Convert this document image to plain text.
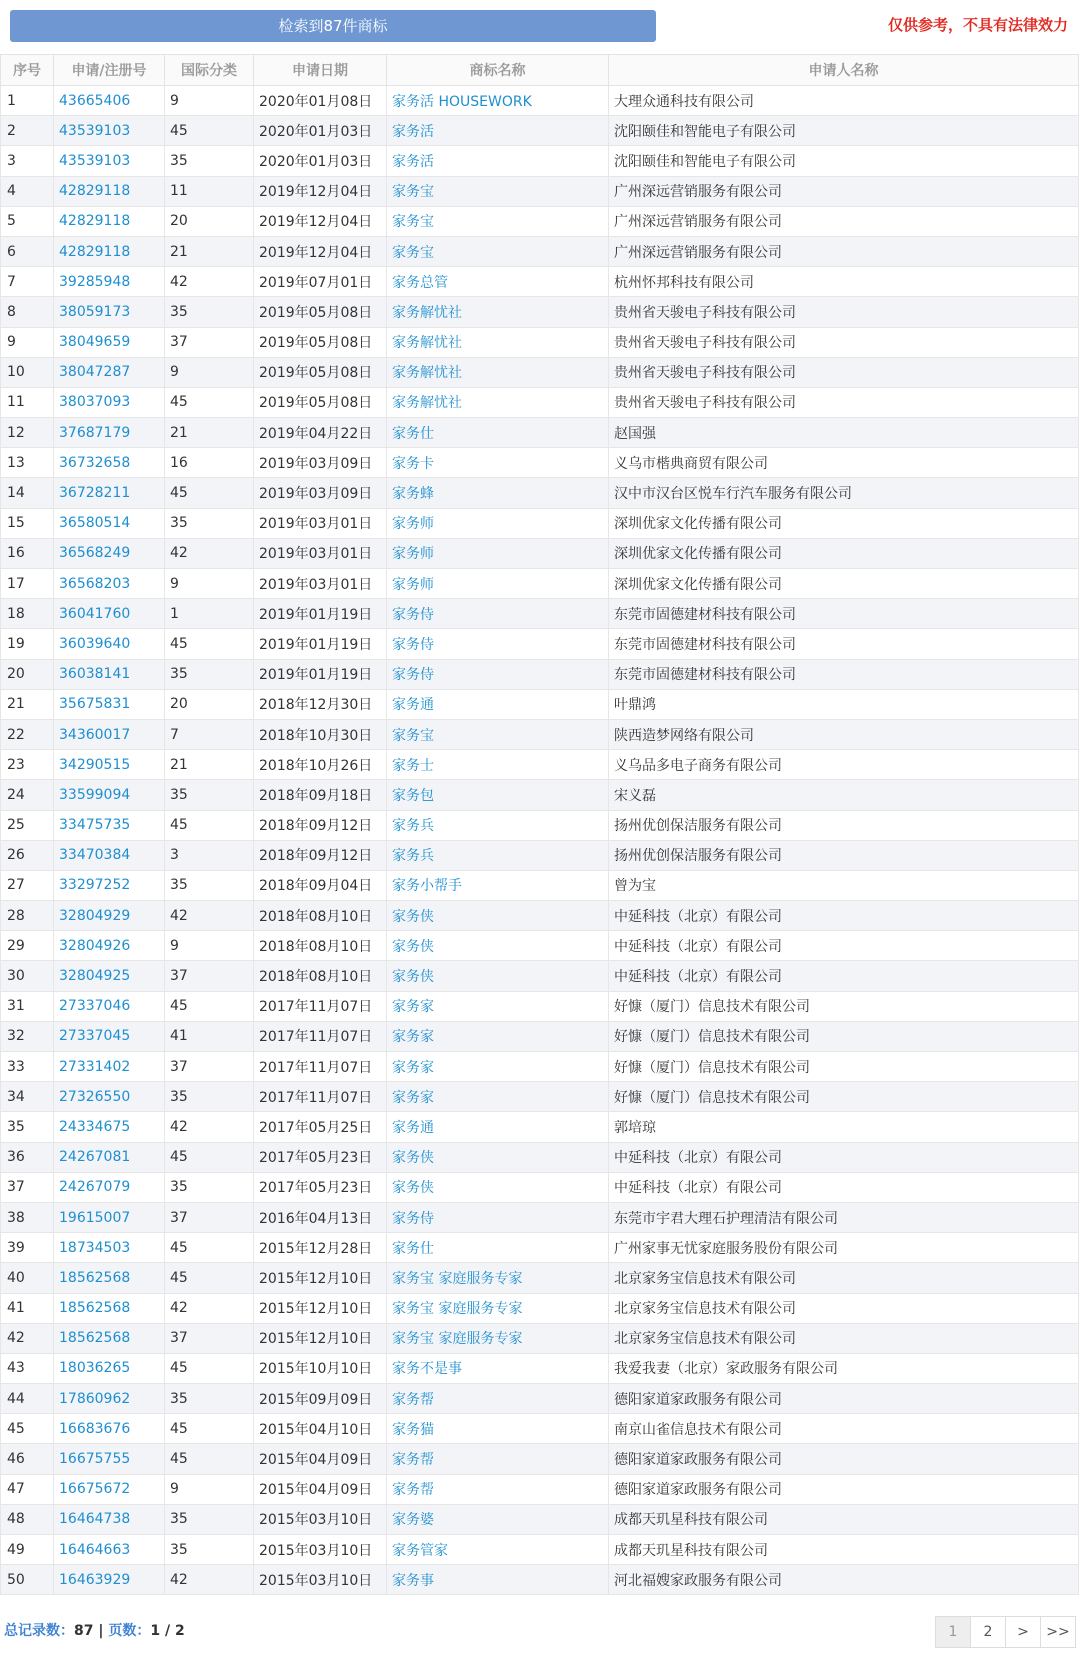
检索到87件商标	仅供参考，不具有法律效力
序号	申请/注册号	国际分类	申请日期	商标名称	申请人名称
1	43665406	9	2020年01月08日	家务活 HOUSEWORK	大理众通科技有限公司
2	43539103	45	2020年01月03日	家务活	沈阳颐佳和智能电子有限公司
3	43539103	35	2020年01月03日	家务活	沈阳颐佳和智能电子有限公司
4	42829118	11	2019年12月04日	家务宝	广州深远营销服务有限公司
5	42829118	20	2019年12月04日	家务宝	广州深远营销服务有限公司
6	42829118	21	2019年12月04日	家务宝	广州深远营销服务有限公司
7	39285948	42	2019年07月01日	家务总管	杭州怀邦科技有限公司
8	38059173	35	2019年05月08日	家务解忧社	贵州省天骏电子科技有限公司
9	38049659	37	2019年05月08日	家务解忧社	贵州省天骏电子科技有限公司
10	38047287	9	2019年05月08日	家务解忧社	贵州省天骏电子科技有限公司
11	38037093	45	2019年05月08日	家务解忧社	贵州省天骏电子科技有限公司
12	37687179	21	2019年04月22日	家务仕	赵国强
13	36732658	16	2019年03月09日	家务卡	义乌市楷典商贸有限公司
14	36728211	45	2019年03月09日	家务蜂	汉中市汉台区悦车行汽车服务有限公司
15	36580514	35	2019年03月01日	家务师	深圳优家文化传播有限公司
16	36568249	42	2019年03月01日	家务师	深圳优家文化传播有限公司
17	36568203	9	2019年03月01日	家务师	深圳优家文化传播有限公司
18	36041760	1	2019年01月19日	家务侍	东莞市固德建材科技有限公司
19	36039640	45	2019年01月19日	家务侍	东莞市固德建材科技有限公司
20	36038141	35	2019年01月19日	家务侍	东莞市固德建材科技有限公司
21	35675831	20	2018年12月30日	家务通	叶鼎鸿
22	34360017	7	2018年10月30日	家务宝	陕西造梦网络有限公司
23	34290515	21	2018年10月26日	家务士	义乌品多电子商务有限公司
24	33599094	35	2018年09月18日	家务包	宋义磊
25	33475735	45	2018年09月12日	家务兵	扬州优创保洁服务有限公司
26	33470384	3	2018年09月12日	家务兵	扬州优创保洁服务有限公司
27	33297252	35	2018年09月04日	家务小帮手	曾为宝
28	32804929	42	2018年08月10日	家务侠	中延科技（北京）有限公司
29	32804926	9	2018年08月10日	家务侠	中延科技（北京）有限公司
30	32804925	37	2018年08月10日	家务侠	中延科技（北京）有限公司
31	27337046	45	2017年11月07日	家务家	好慷（厦门）信息技术有限公司
32	27337045	41	2017年11月07日	家务家	好慷（厦门）信息技术有限公司
33	27331402	37	2017年11月07日	家务家	好慷（厦门）信息技术有限公司
34	27326550	35	2017年11月07日	家务家	好慷（厦门）信息技术有限公司
35	24334675	42	2017年05月25日	家务通	郭培琼
36	24267081	45	2017年05月23日	家务侠	中延科技（北京）有限公司
37	24267079	35	2017年05月23日	家务侠	中延科技（北京）有限公司
38	19615007	37	2016年04月13日	家务侍	东莞市宇君大理石护理清洁有限公司
39	18734503	45	2015年12月28日	家务仕	广州家事无忧家庭服务股份有限公司
40	18562568	45	2015年12月10日	家务宝 家庭服务专家	北京家务宝信息技术有限公司
41	18562568	42	2015年12月10日	家务宝 家庭服务专家	北京家务宝信息技术有限公司
42	18562568	37	2015年12月10日	家务宝 家庭服务专家	北京家务宝信息技术有限公司
43	18036265	45	2015年10月10日	家务不是事	我爱我妻（北京）家政服务有限公司
44	17860962	35	2015年09月09日	家务帮	德阳家道家政服务有限公司
45	16683676	45	2015年04月10日	家务猫	南京山雀信息技术有限公司
46	16675755	45	2015年04月09日	家务帮	德阳家道家政服务有限公司
47	16675672	9	2015年04月09日	家务帮	德阳家道家政服务有限公司
48	16464738	35	2015年03月10日	家务婆	成都天玑星科技有限公司
49	16464663	35	2015年03月10日	家务管家	成都天玑星科技有限公司
50	16463929	42	2015年03月10日	家务事	河北福嫂家政服务有限公司
总记录数：87 | 页数：1 / 2	1	2	>	>>
